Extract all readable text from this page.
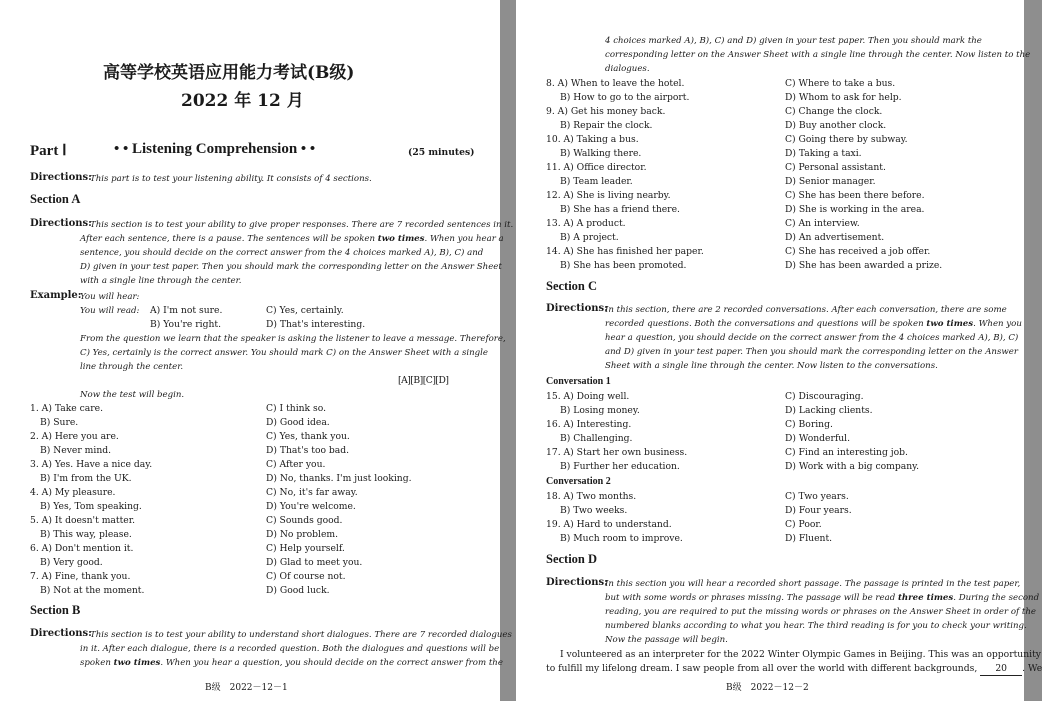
高等学校英语应用能力考试(B级)
2022 年 12 月
Part Ⅰ	• • Listening Comprehension • •	(25 minutes)
Directions:
This part is to test your listening ability. It consists of 4 sections.
Section A
Directions:
This section is to test your ability to give proper responses. There are 7 recorded sentences in it.
After each sentence, there is a pause. The sentences will be spoken two times. When you hear a
sentence, you should decide on the correct answer from the 4 choices marked A), B), C) and
D) given in your test paper. Then you should mark the corresponding letter on the Answer Sheet
with a single line through the center.
Example:
You will hear:
You will read: A) I'm not sure.	C) Yes, certainly.
B) You're right.	D) That's interesting.
From the question we learn that the speaker is asking the listener to leave a message. Therefore,
C) Yes, certainly is the correct answer. You should mark C) on the Answer Sheet with a single
line through the center.
[A][B][C][D]
Now the test will begin.
1. A) Take care.	C) I think so.
B) Sure.	D) Good idea.
2. A) Here you are.	C) Yes, thank you.
B) Never mind.	D) That's too bad.
3. A) Yes. Have a nice day.	C) After you.
B) I'm from the UK.	D) No, thanks. I'm just looking.
4. A) My pleasure.	C) No, it's far away.
B) Yes, Tom speaking.	D) You're welcome.
5. A) It doesn't matter.	C) Sounds good.
B) This way, please.	D) No problem.
6. A) Don't mention it.	C) Help yourself.
B) Very good.	D) Glad to meet you.
7. A) Fine, thank you.	C) Of course not.
B) Not at the moment.	D) Good luck.
Section B
Directions:
This section is to test your ability to understand short dialogues. There are 7 recorded dialogues
in it. After each dialogue, there is a recorded question. Both the dialogues and questions will be
spoken two times. When you hear a question, you should decide on the correct answer from the
B级　2022－12－1
4 choices marked A), B), C) and D) given in your test paper. Then you should mark the
corresponding letter on the Answer Sheet with a single line through the center. Now listen to the
dialogues.
8. A) When to leave the hotel.	C) Where to take a bus.
B) How to go to the airport.	D) Whom to ask for help.
9. A) Get his money back.	C) Change the clock.
B) Repair the clock.	D) Buy another clock.
10. A) Taking a bus.	C) Going there by subway.
B) Walking there.	D) Taking a taxi.
11. A) Office director.	C) Personal assistant.
B) Team leader.	D) Senior manager.
12. A) She is living nearby.	C) She has been there before.
B) She has a friend there.	D) She is working in the area.
13. A) A product.	C) An interview.
B) A project.	D) An advertisement.
14. A) She has finished her paper.	C) She has received a job offer.
B) She has been promoted.	D) She has been awarded a prize.
Section C
Directions:
In this section, there are 2 recorded conversations. After each conversation, there are some
recorded questions. Both the conversations and questions will be spoken two times. When you
hear a question, you should decide on the correct answer from the 4 choices marked A), B), C)
and D) given in your test paper. Then you should mark the corresponding letter on the Answer
Sheet with a single line through the center. Now listen to the conversations.
Conversation 1
15. A) Doing well.	C) Discouraging.
B) Losing money.	D) Lacking clients.
16. A) Interesting.	C) Boring.
B) Challenging.	D) Wonderful.
17. A) Start her own business.	C) Find an interesting job.
B) Further her education.	D) Work with a big company.
Conversation 2
18. A) Two months.	C) Two years.
B) Two weeks.	D) Four years.
19. A) Hard to understand.	C) Poor.
B) Much room to improve.	D) Fluent.
Section D
Directions:
In this section you will hear a recorded short passage. The passage is printed in the test paper,
but with some words or phrases missing. The passage will be read three times. During the second
reading, you are required to put the missing words or phrases on the Answer Sheet in order of the
numbered blanks according to what you hear. The third reading is for you to check your writing.
Now the passage will begin.
I volunteered as an interpreter for the 2022 Winter Olympic Games in Beijing. This was an opportunity
to fulfill my lifelong dream. I saw people from all over the world with different backgrounds, 20 . We
B级　2022－12－2
